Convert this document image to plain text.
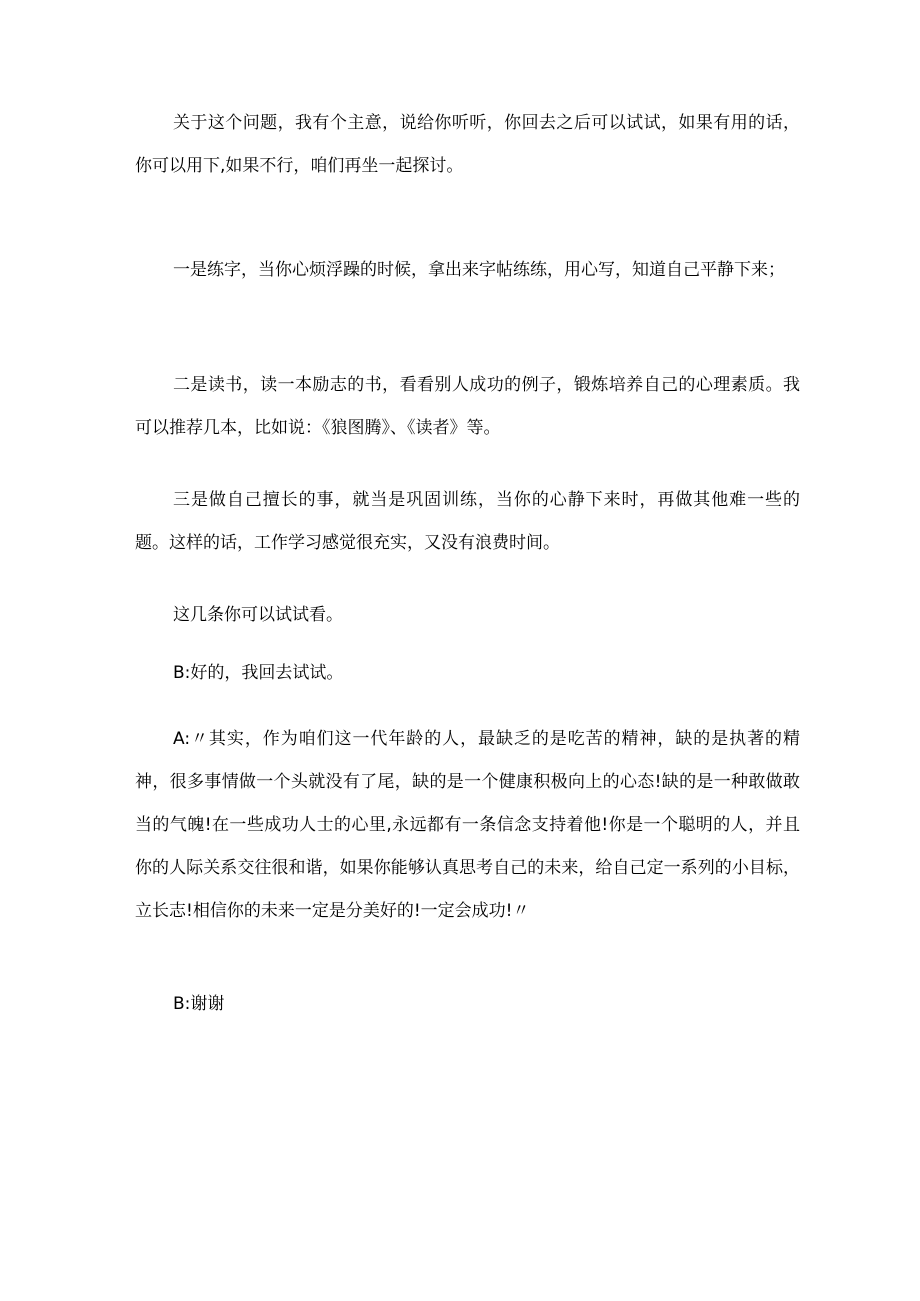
关于这个问题，我有个主意，说给你听听，你回去之后可以试试，如果有用的话，你可以用下,如果不行，咱们再坐一起探讨。

一是练字，当你心烦浮躁的时候，拿出来字帖练练，用心写，知道自己平静下来；

二是读书，读一本励志的书，看看别人成功的例子，锻炼培养自己的心理素质。我可以推荐几本，比如说：《狼图腾》、《读者》等。

三是做自己擅长的事，就当是巩固训练，当你的心静下来时，再做其他难一些的题。这样的话，工作学习感觉很充实，又没有浪费时间。

这几条你可以试试看。

B:好的，我回去试试。

A:〃其实，作为咱们这一代年龄的人，最缺乏的是吃苦的精神，缺的是执著的精神，很多事情做一个头就没有了尾，缺的是一个健康积极向上的心态!缺的是一种敢做敢当的气魄!在一些成功人士的心里,永远都有一条信念支持着他!你是一个聪明的人，并且你的人际关系交往很和谐，如果你能够认真思考自己的未来，给自己定一系列的小目标，立长志!相信你的未来一定是分美好的!一定会成功!〃

B:谢谢
